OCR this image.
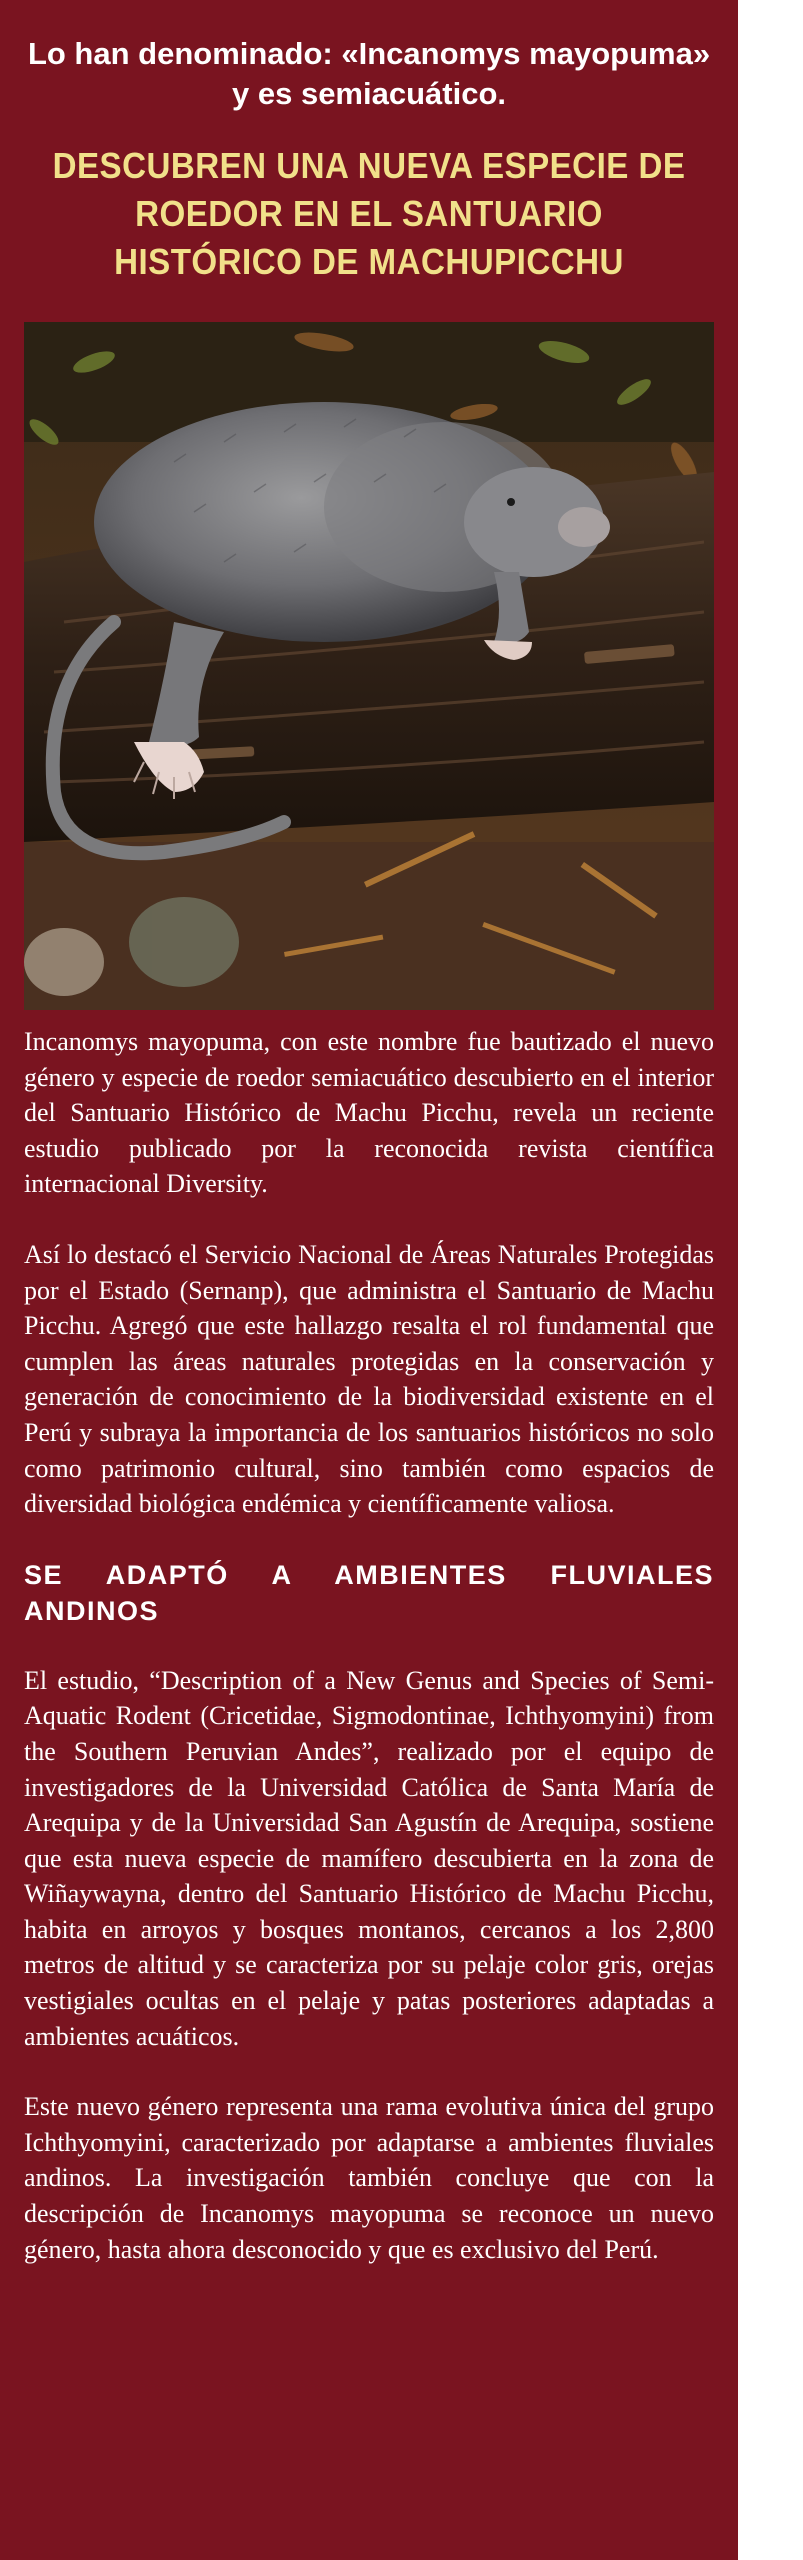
Lo han denominado: «Incanomys mayopuma» y es semiacuático.
DESCUBREN UNA NUEVA ESPECIE DE ROEDOR EN EL SANTUARIO HISTÓRICO DE MACHUPICCHU
Incanomys mayopuma, con este nombre fue bautizado el nuevo género y especie de roedor semiacuático descubierto en el interior del Santuario Histórico de Machu Picchu, revela un reciente estudio publicado por la reconocida revista científica internacional Diversity.
Así lo destacó el Servicio Nacional de Áreas Naturales Protegidas por el Estado (Sernanp), que administra el Santuario de Machu Picchu. Agregó que este hallazgo resalta el rol fundamental que cumplen las áreas naturales protegidas en la conservación y generación de conocimiento de la biodiversidad existente en el Perú y subraya la importancia de los santuarios históricos no solo como patrimonio cultural, sino también como espacios de diversidad biológica endémica y científicamente valiosa.
SE ADAPTÓ A AMBIENTES FLUVIALES ANDINOS
El estudio, “Description of a New Genus and Species of Semi-Aquatic Rodent (Cricetidae, Sigmodontinae, Ichthyomyini) from the Southern Peruvian Andes”, realizado por el equipo de investigadores de la Universidad Católica de Santa María de Arequipa y de la Universidad San Agustín de Arequipa, sostiene que esta nueva especie de mamífero descubierta en la zona de Wiñaywayna, dentro del Santuario Histórico de Machu Picchu, habita en arroyos y bosques montanos, cercanos a los 2,800 metros de altitud y se caracteriza por su pelaje color gris, orejas vestigiales ocultas en el pelaje y patas posteriores adaptadas a ambientes acuáticos.
Este nuevo género representa una rama evolutiva única del grupo Ichthyomyini, caracterizado por adaptarse a ambientes fluviales andinos. La investigación también concluye que con la descripción de Incanomys mayopuma se reconoce un nuevo género, hasta ahora desconocido y que es exclusivo del Perú.
